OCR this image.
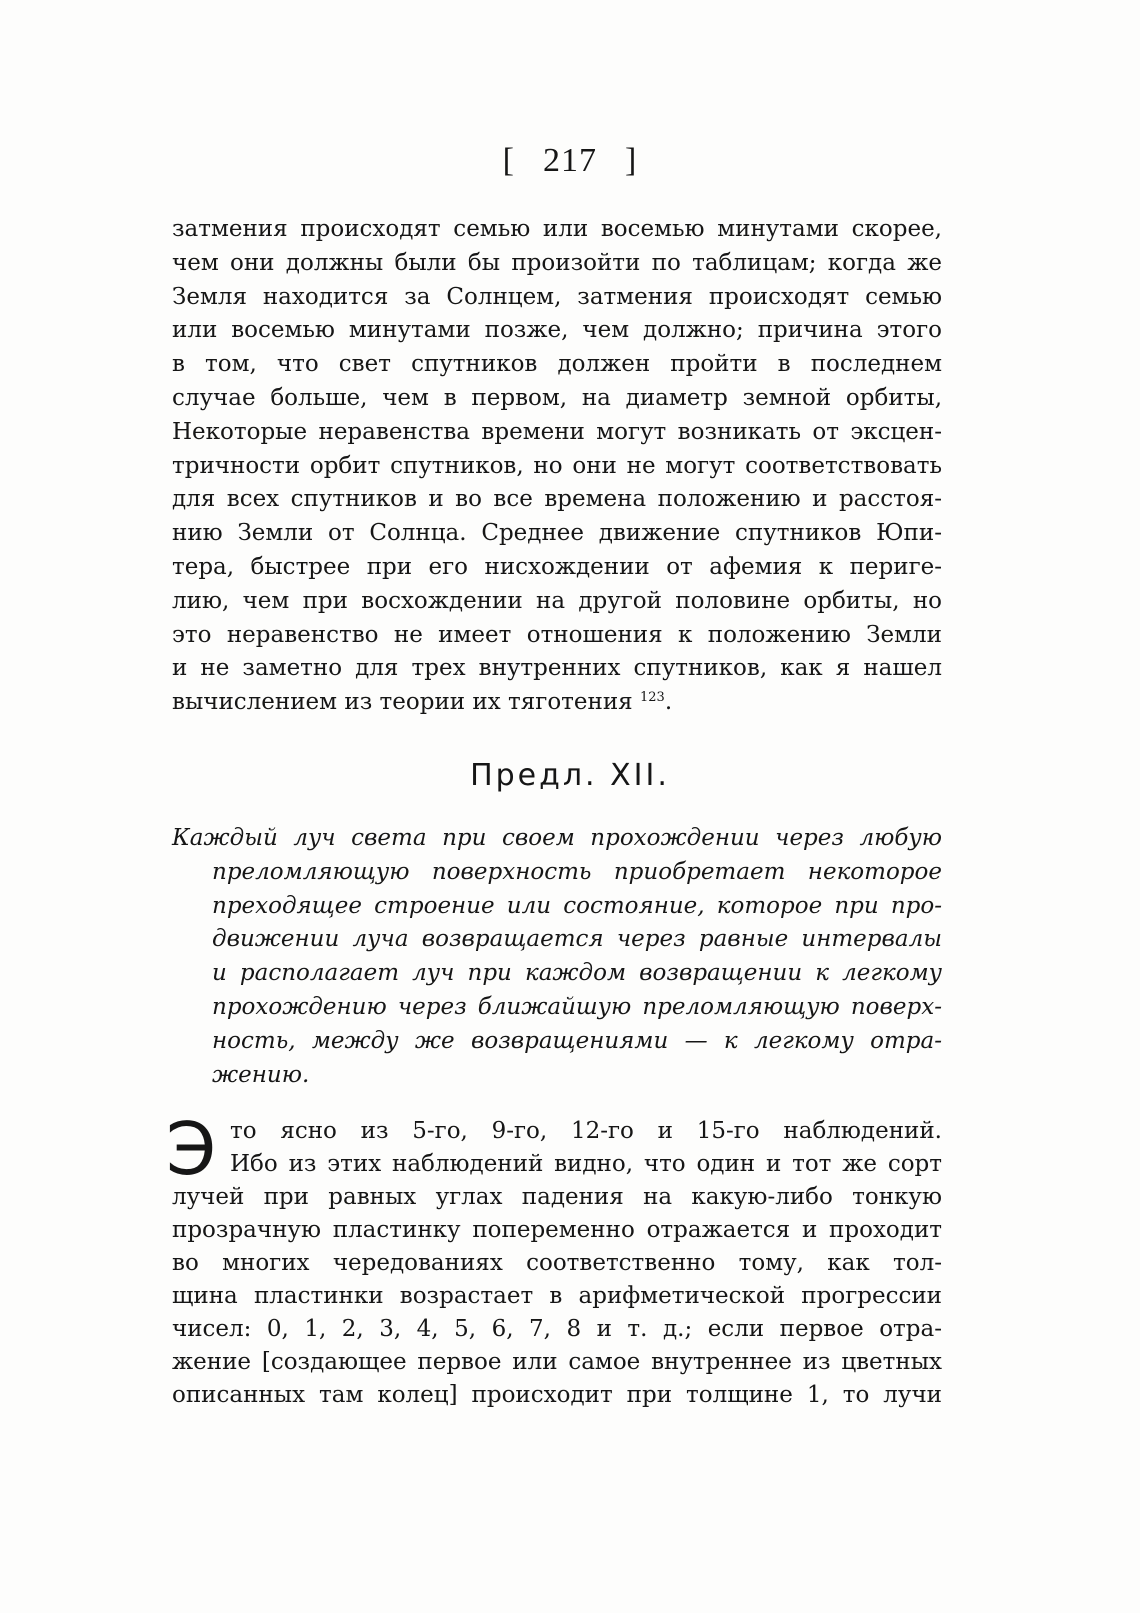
[ 217 ]
затмения происходят семью или восемью минутами скорее,
чем они должны были бы произойти по таблицам; когда же
Земля находится за Солнцем, затмения происходят семью
или восемью минутами позже, чем должно; причина этого
в том, что свет спутников должен пройти в последнем
случае больше, чем в первом, на диаметр земной орбиты,
Некоторые неравенства времени могут возникать от эксцен-
тричности орбит спутников, но они не могут соответствовать
для всех спутников и во все времена положению и расстоя-
нию Земли от Солнца. Среднее движение спутников Юпи-
тера, быстрее при его нисхождении от афемия к периге-
лию, чем при восхождении на другой половине орбиты, но
это неравенство не имеет отношения к положению Земли
и не заметно для трех внутренних спутников, как я нашел
вычислением из теории их тяготения $^{123}$.
Предл. XII.
Каждый луч света при своем прохождении через любую
преломляющую поверхность приобретает некоторое
преходящее строение или состояние, которое при про-
движении луча возвращается через равные интервалы
и располагает луч при каждом возвращении к легкому
прохождению через ближайшую преломляющую поверх-
ность, между же возвращениями — к легкому отра-
жению.
Э то ясно из 5-го, 9-го, 12-го и 15-го наблюдений.
Ибо из этих наблюдений видно, что один и тот же сорт
лучей при равных углах падения на какую-либо тонкую
прозрачную пластинку попеременно отражается и проходит
во многих чередованиях соответственно тому, как тол-
щина пластинки возрастает в арифметической прогрессии
чисел: 0, 1, 2, 3, 4, 5, 6, 7, 8 и т. д.; если первое отра-
жение [создающее первое или самое внутреннее из цветных
описанных там колец] происходит при толщине 1, то лучи
